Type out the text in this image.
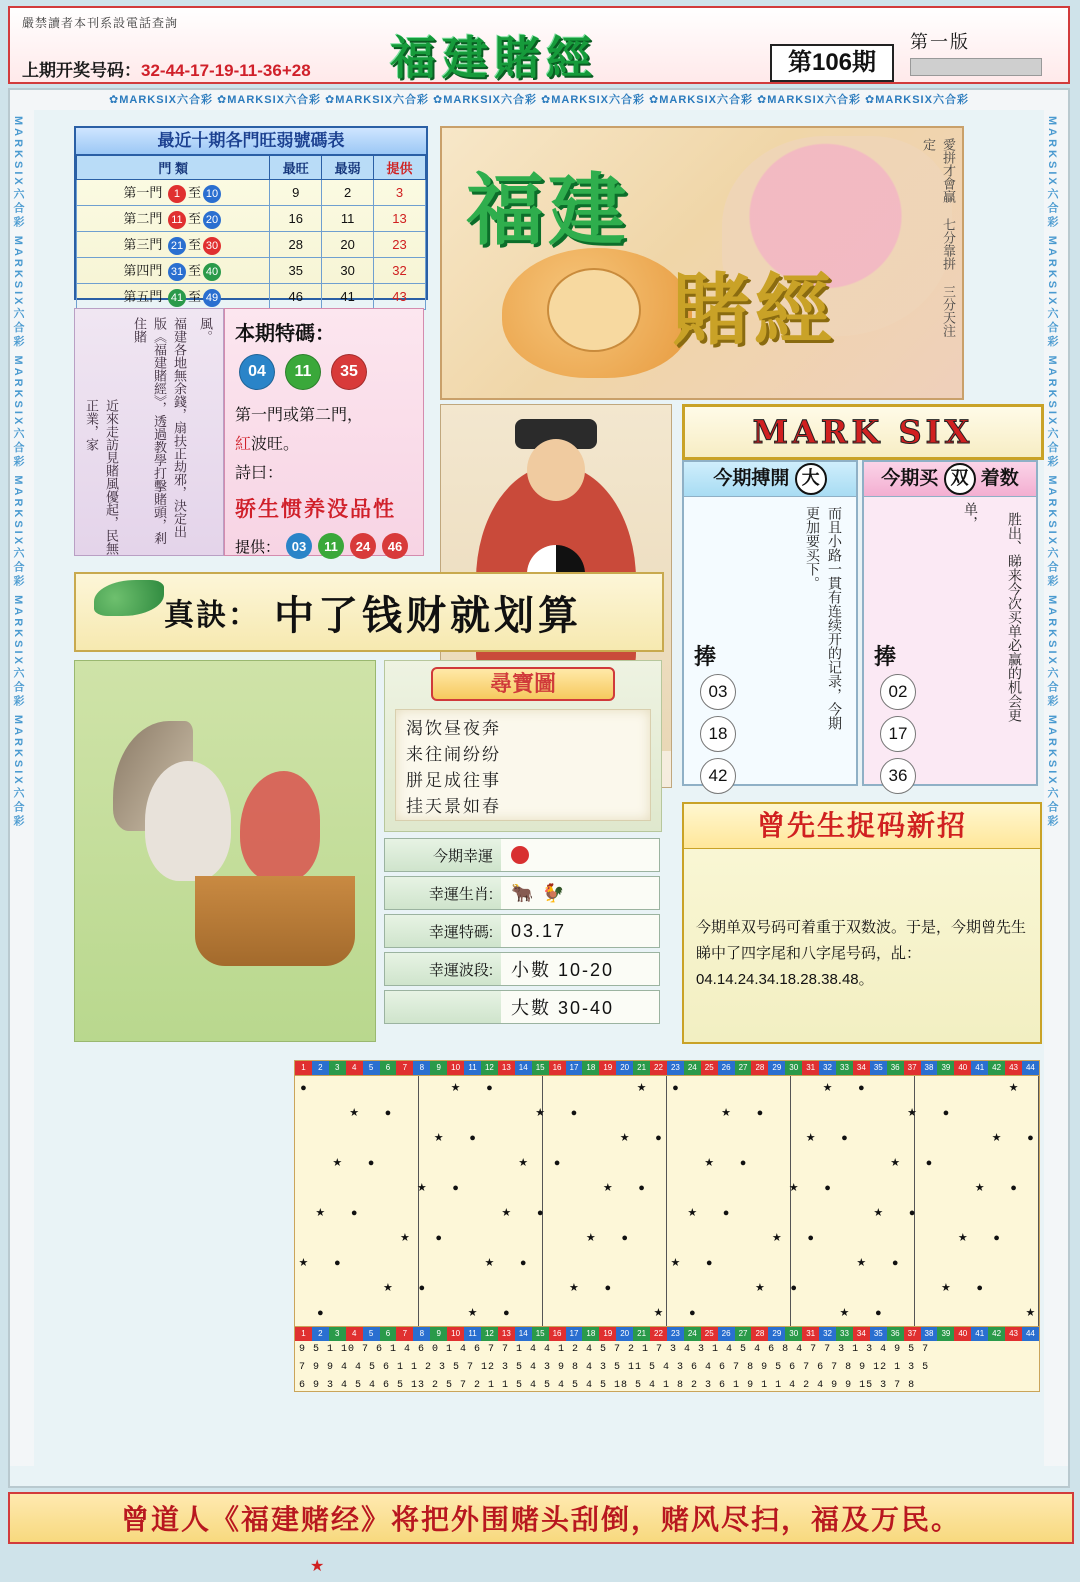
嚴禁讀者本刊系設電話查詢
上期开奖号码：32-44-17-19-11-36+28 福建賭經	第106期
第一版
✿MARKSIX六合彩 ✿MARKSIX六合彩 ✿MARKSIX六合彩 ✿MARKSIX六合彩 ✿MARKSIX六合彩 ✿MARKSIX六合彩 ✿MARKSIX六合彩 ✿MARKSIX六合彩
MARKSIX六合彩 MARKSIX六合彩 MARKSIX六合彩 MARKSIX六合彩 MARKSIX六合彩 MARKSIX六合彩	MARKSIX六合彩 MARKSIX六合彩 MARKSIX六合彩 MARKSIX六合彩 MARKSIX六合彩 MARKSIX六合彩
最近十期各門旺弱號碼表
門 類	最旺	最弱	提供
第一門 1 至 10	9	2	3
第二門 11 至 20	16	11	13
第三門 21 至 30	28	20	23
第四門 31 至 40	35	30	32
第五門 41 至 49	46	41	43
風。
福建各地無余錢，扇扶正劫邪，決定出版《福建賭經》，透過教學打擊賭頭，剎住賭
近來走訪見賭風優起，民無正業，家
本期特碼：
04	11	35

第一門或第二門，

紅波旺。

詩曰：

骄生惯养没品性
提供： 03	11	24	46
福建
賭經	愛拼才會贏 七分靠拼 三分天注定
MARK SIX
今期搏開 大
而且小路一貫有连续开的记录，今期更加要买下。
捧
03
18
42
今期买 双 着数
单， 胜出、睇来今次买单必赢的机会更
捧
02
17
36
真訣： 中了钱财就划算
尋寶圖
渴饮昼夜奔
来往闹纷纷
胼足成往事
挂天景如春
今期幸運
幸運生肖:	🐂 🐓
幸運特碼:	03.17
幸運波段:	小數 10-20
大數 30-40
曾先生捉码新招
今期单双号码可着重于双数波。于是，今期曾先生睇中了四字尾和八字尾号码，乩：04.14.24.34.18.28.38.48。
1	2	3	4	5	6	7	8	9	10	11	12	13	14	15	16	17	18	19	20	21	22	23	24	25	26	27	28	29	30	31	32	33	34	35	36	37	38	39	40	41	42	43	44
●	★	●	★	●	★	●	★
★	●	★	●	★	●	★	●
★	●	★	●	★	●	★	●
★	●	★	●	★	●	★	●
★	●	★	●	★	●	★	●
★	●	★	●	★	●	★	●
★	●	★	●	★	●	★	●
★	●	★	●	★	●	★	●
★	●	★	●	★	●	★	●
●	★	●	★	●	★	●	★
1	2	3	4	5	6	7	8	9	10	11	12	13	14	15	16	17	18	19	20	21	22	23	24	25	26	27	28	29	30	31	32	33	34	35	36	37	38	39	40	41	42	43	44
9 5 1 10 7 6 1 4 6 0 1 4 6 7 7 1 4 4 1 2 4 5 7 2 1 7 3 4 3 1 4 5 4 6 8 4 7 7 3 1 3 4 9 5 7
7 9 9 4 4 5 6 1 1 2 3 5 7 12 3 5 4 3 9 8 4 3 5 11 5 4 3 6 4 6 7 8 9 5 6 7 6 7 8 9 12 1 3 5
6 9 3 4 5 4 6 5 13 2 5 7 2 1 1 5 4 5 4 5 4 5 18 5 4 1 8 2 3 6 1 9 1 1 4 2 4 9 9 15 3 7 8
曾道人《福建赌经》将把外围赌头刮倒，赌风尽扫，福及万民。
★
